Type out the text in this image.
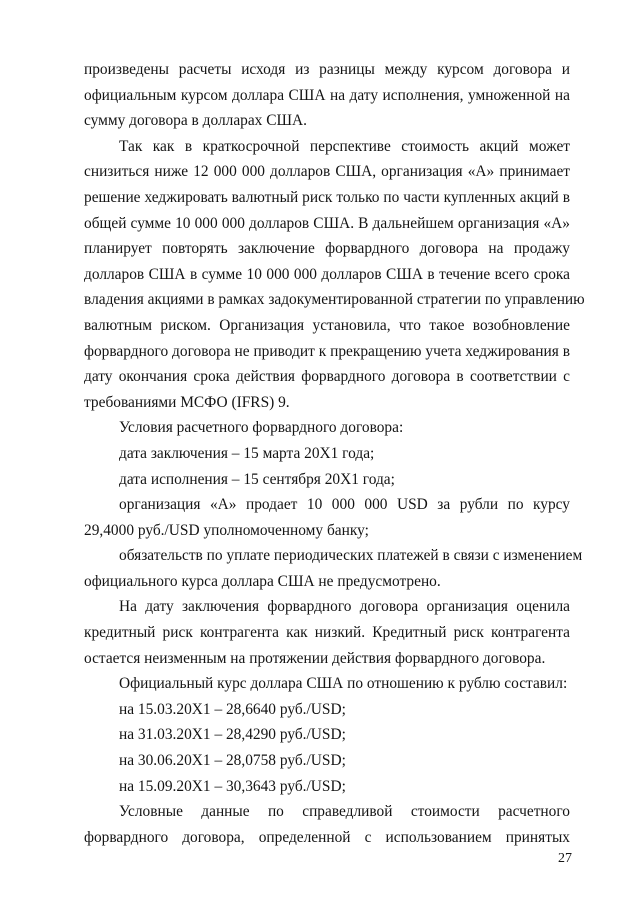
произведены расчеты исходя из разницы между курсом договора и
официальным курсом доллара США на дату исполнения, умноженной на
сумму договора в долларах США.
Так как в краткосрочной перспективе стоимость акций может
снизиться ниже 12 000 000 долларов США, организация «А» принимает
решение хеджировать валютный риск только по части купленных акций в
общей сумме 10 000 000 долларов США. В дальнейшем организация «А»
планирует повторять заключение форвардного договора на продажу
долларов США в сумме 10 000 000 долларов США в течение всего срока
владения акциями в рамках задокументированной стратегии по управлению
валютным риском. Организация установила, что такое возобновление
форвардного договора не приводит к прекращению учета хеджирования в
дату окончания срока действия форвардного договора в соответствии с
требованиями МСФО (IFRS) 9.
Условия расчетного форвардного договора:
дата заключения – 15 марта 20Х1 года;
дата исполнения – 15 сентября 20Х1 года;
организация «А» продает 10 000 000 USD за рубли по курсу
29,4000 руб./USD уполномоченному банку;
обязательств по уплате периодических платежей в связи с изменением
официального курса доллара США не предусмотрено.
На дату заключения форвардного договора организация оценила
кредитный риск контрагента как низкий. Кредитный риск контрагента
остается неизменным на протяжении действия форвардного договора.
Официальный курс доллара США по отношению к рублю составил:
на 15.03.20Х1 – 28,6640 руб./USD;
на 31.03.20Х1 – 28,4290 руб./USD;
на 30.06.20Х1 – 28,0758 руб./USD;
на 15.09.20Х1 – 30,3643 руб./USD;
Условные данные по справедливой стоимости расчетного
форвардного договора, определенной с использованием принятых
27
